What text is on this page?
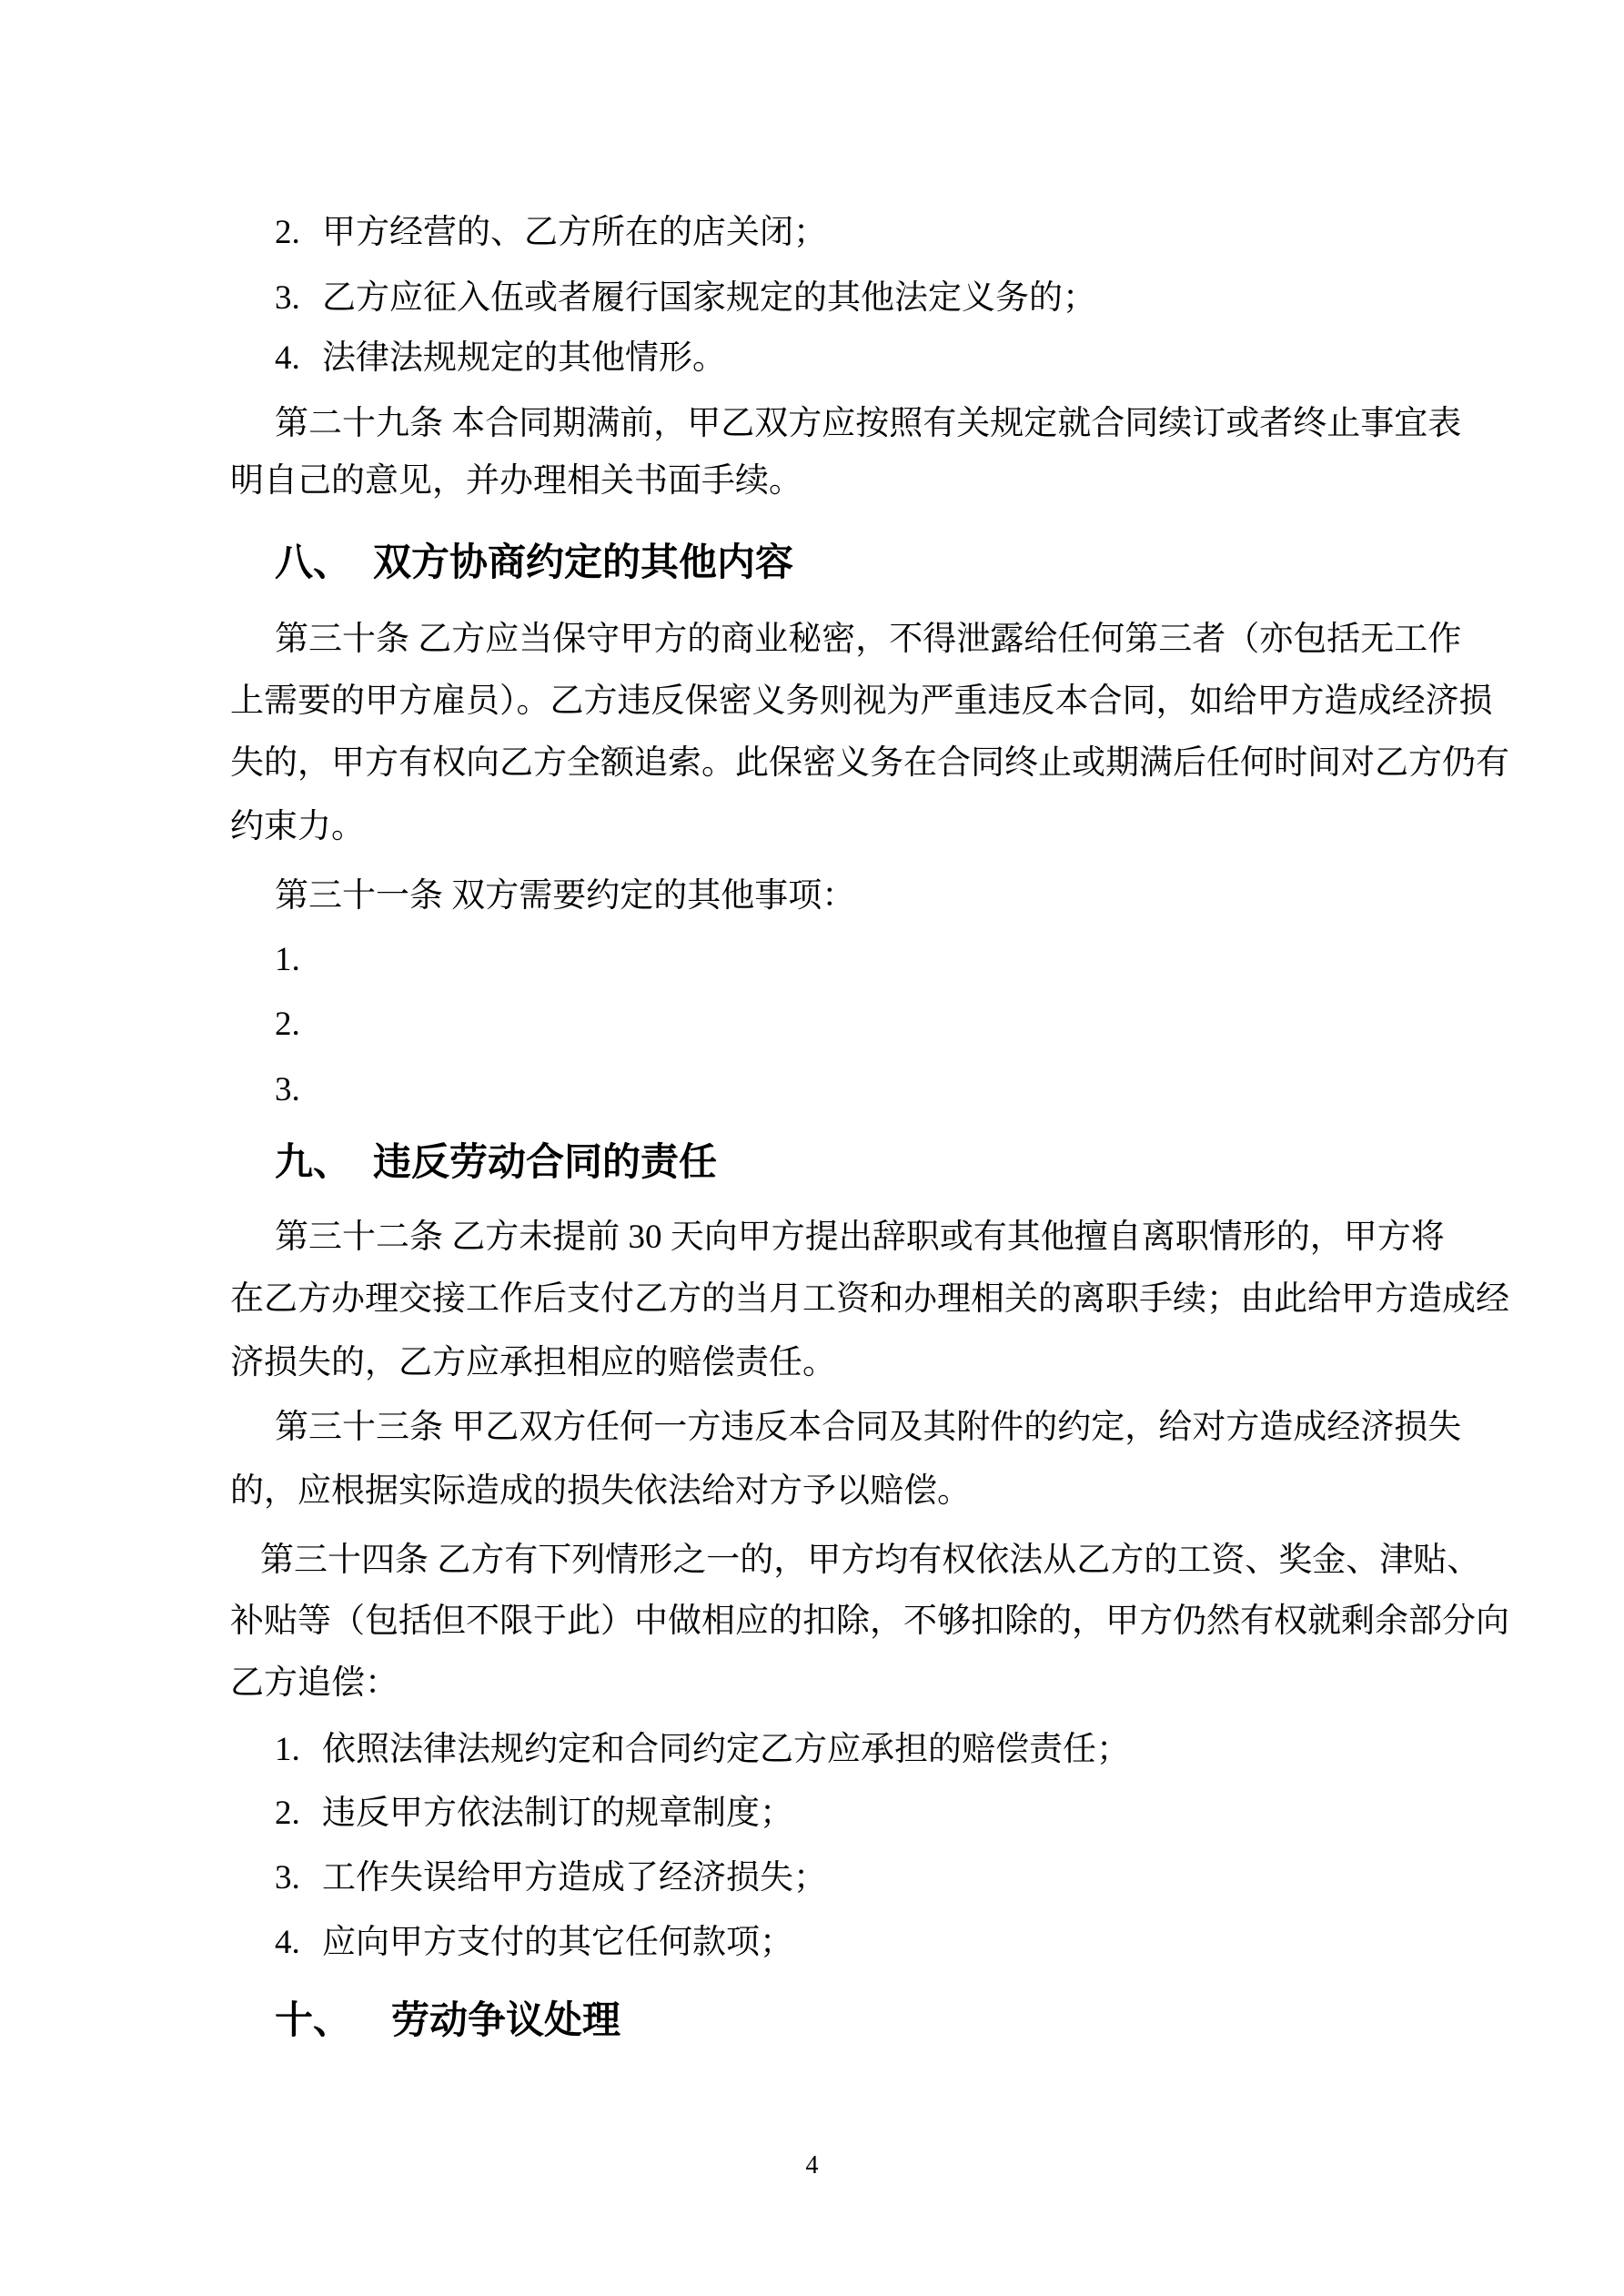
2. 甲方经营的、乙方所在的店关闭；
3. 乙方应征入伍或者履行国家规定的其他法定义务的；
4. 法律法规规定的其他情形。
第二十九条 本合同期满前，甲乙双方应按照有关规定就合同续订或者终止事宜表
明自己的意见，并办理相关书面手续。
八、 双方协商约定的其他内容
第三十条 乙方应当保守甲方的商业秘密，不得泄露给任何第三者（亦包括无工作
上需要的甲方雇员）。乙方违反保密义务则视为严重违反本合同，如给甲方造成经济损
失的，甲方有权向乙方全额追索。此保密义务在合同终止或期满后任何时间对乙方仍有
约束力。
第三十一条 双方需要约定的其他事项：
1.
2.
3.
九、 违反劳动合同的责任
第三十二条 乙方未提前 30 天向甲方提出辞职或有其他擅自离职情形的，甲方将
在乙方办理交接工作后支付乙方的当月工资和办理相关的离职手续；由此给甲方造成经
济损失的，乙方应承担相应的赔偿责任。
第三十三条 甲乙双方任何一方违反本合同及其附件的约定，给对方造成经济损失
的，应根据实际造成的损失依法给对方予以赔偿。
第三十四条 乙方有下列情形之一的，甲方均有权依法从乙方的工资、奖金、津贴、
补贴等（包括但不限于此）中做相应的扣除，不够扣除的，甲方仍然有权就剩余部分向
乙方追偿：
1. 依照法律法规约定和合同约定乙方应承担的赔偿责任；
2. 违反甲方依法制订的规章制度；
3. 工作失误给甲方造成了经济损失；
4. 应向甲方支付的其它任何款项；
十、 劳动争议处理
4
